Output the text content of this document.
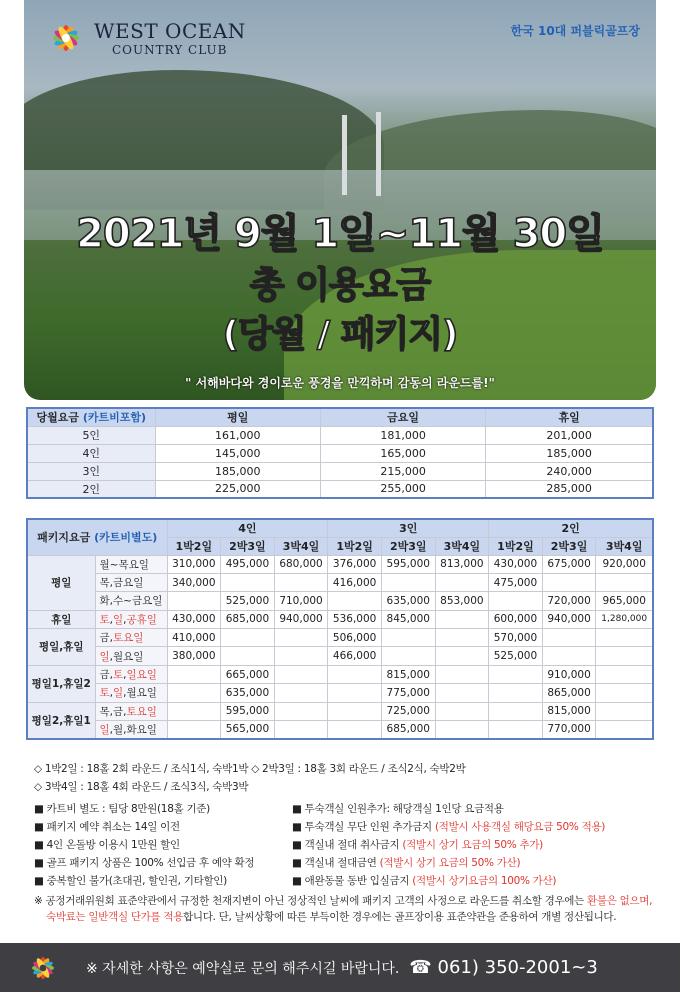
WEST OCEAN
COUNTRY CLUB
한국 10대 퍼블릭골프장
2021년 9월 1일~11월 30일
총 이용요금
(당월 / 패키지)
" 서해바다와 경이로운 풍경을 만끽하며 감동의 라운드를!"
당월요금 (카트비포함)	평일	금요일	휴일
5인	161,000	181,000	201,000
4인	145,000	165,000	185,000
3인	185,000	215,000	240,000
2인	225,000	255,000	285,000
패키지요금 (카트비별도)		4인			3인			2인		
		1박2일	2박3일	3박4일	1박2일	2박3일	3박4일	1박2일	2박3일	3박4일
평일	월~목요일	310,000	495,000	680,000	376,000	595,000	813,000	430,000	675,000	920,000
	목,금요일	340,000			416,000			475,000		
	화,수~금요일		525,000	710,000		635,000	853,000		720,000	965,000
휴일	토,일,공휴일	430,000	685,000	940,000	536,000	845,000		600,000	940,000	1,280,000
평일,휴일	금,토요일	410,000			506,000			570,000		
	일,월요일	380,000			466,000			525,000		
평일1,휴일2	금,토,일요일		665,000			815,000			910,000	
	토,일,월요일		635,000			775,000			865,000	
평일2,휴일1	목,금,토요일		595,000			725,000			815,000	
	일,월,화요일		565,000			685,000			770,000	
◇ 1박2일 : 18홀 2회 라운드 / 조식1식, 숙박1박 ◇ 2박3일 : 18홀 3회 라운드 / 조식2식, 숙박2박
◇ 3박4일 : 18홀 4회 라운드 / 조식3식, 숙박3박
■ 카트비 별도 : 팀당 8만원(18홀 기준)
■ 패키지 예약 취소는 14일 이전
■ 4인 온돌방 이용시 1만원 할인
■ 골프 패키지 상품은 100% 선입금 후 예약 확정
■ 중복할인 불가(초대권, 할인권, 기타할인)
■ 투숙객실 인원추가: 해당객실 1인당 요금적용
■ 투숙객실 무단 인원 추가금지 (적발시 사용객실 해당요금 50% 적용)
■ 객실내 절대 취사금지 (적발시 상기 요금의 50% 추가)
■ 객실내 절대금연 (적발시 상기 요금의 50% 가산)
■ 애완동물 동반 입실금지 (적발시 상기요금의 100% 가산)
※ 공정거래위원회 표준약관에서 규정한 천재지변이 아닌 정상적인 날씨에 패키지 고객의 사정으로 라운드를 취소할 경우에는 환불은 없으며,
숙박료는 일반객실 단가를 적용합니다. 단, 날씨상황에 따른 부득이한 경우에는 골프장이용 표준약관을 준용하여 개별 정산됩니다.
※ 자세한 사항은 예약실로 문의 해주시길 바랍니다. ☎ 061) 350-2001~3
